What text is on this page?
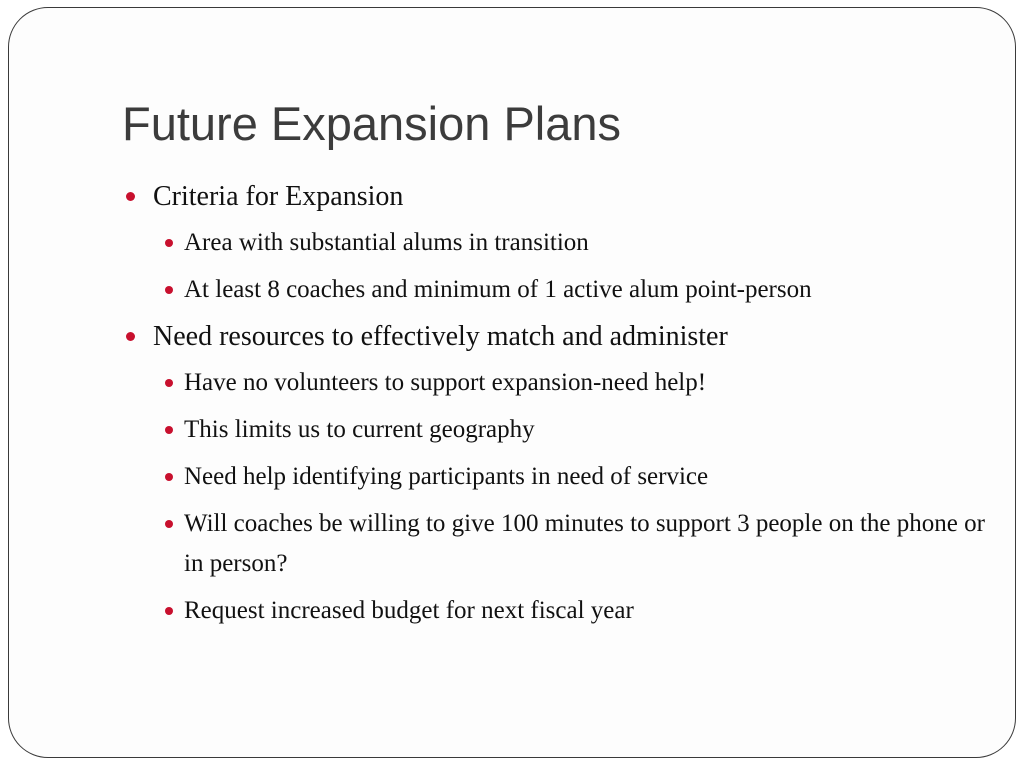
Future Expansion Plans
Criteria for Expansion
Area with substantial alums in transition
At least 8 coaches and minimum of 1 active alum point-person
Need resources to effectively match and administer
Have no volunteers to support expansion-need help!
This limits us to current geography
Need help identifying participants in need of service
Will coaches be willing to give 100 minutes to support 3 people on the phone or in person?
Request increased budget for next fiscal year
